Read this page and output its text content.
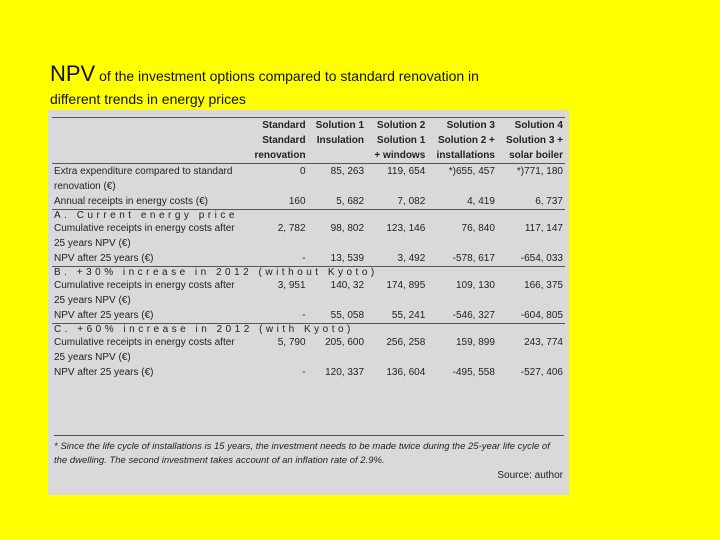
NPV of the investment options compared to standard renovation in
different trends in energy prices
	Standard	Solution 1	Solution 2	Solution 3	Solution 4
	Standard	Insulation	Solution 1	Solution 2 +	Solution 3 +
	renovation		+ windows	installations	solar boiler
Extra expenditure compared to standard renovation (€)	0	85, 263	119, 654	*)655, 457	*)771, 180
Annual receipts in energy costs (€)	160	5, 682	7, 082	4, 419	6, 737
A. Current energy price					
Cumulative receipts in energy costs after 25 years NPV (€)	2, 782	98, 802	123, 146	76, 840	117, 147
NPV after 25 years (€)	-	13, 539	3, 492	-578, 617	-654, 033
B. +30% increase in 2012 (without Kyoto)					
Cumulative receipts in energy costs after 25 years NPV (€)	3, 951	140, 32	174, 895	109, 130	166, 375
NPV after 25 years (€)	-	55, 058	55, 241	-546, 327	-604, 805
C. +60% increase in 2012 (with Kyoto)					
Cumulative receipts in energy costs after 25 years NPV (€)	5, 790	205, 600	256, 258	159, 899	243, 774
NPV after 25 years (€)	-	120, 337	136, 604	-495, 558	-527, 406
* Since the life cycle of installations is 15 years, the investment needs to be made twice during the 25-year life cycle of the dwelling. The second investment takes account of an inflation rate of 2.9%.
Source: author
